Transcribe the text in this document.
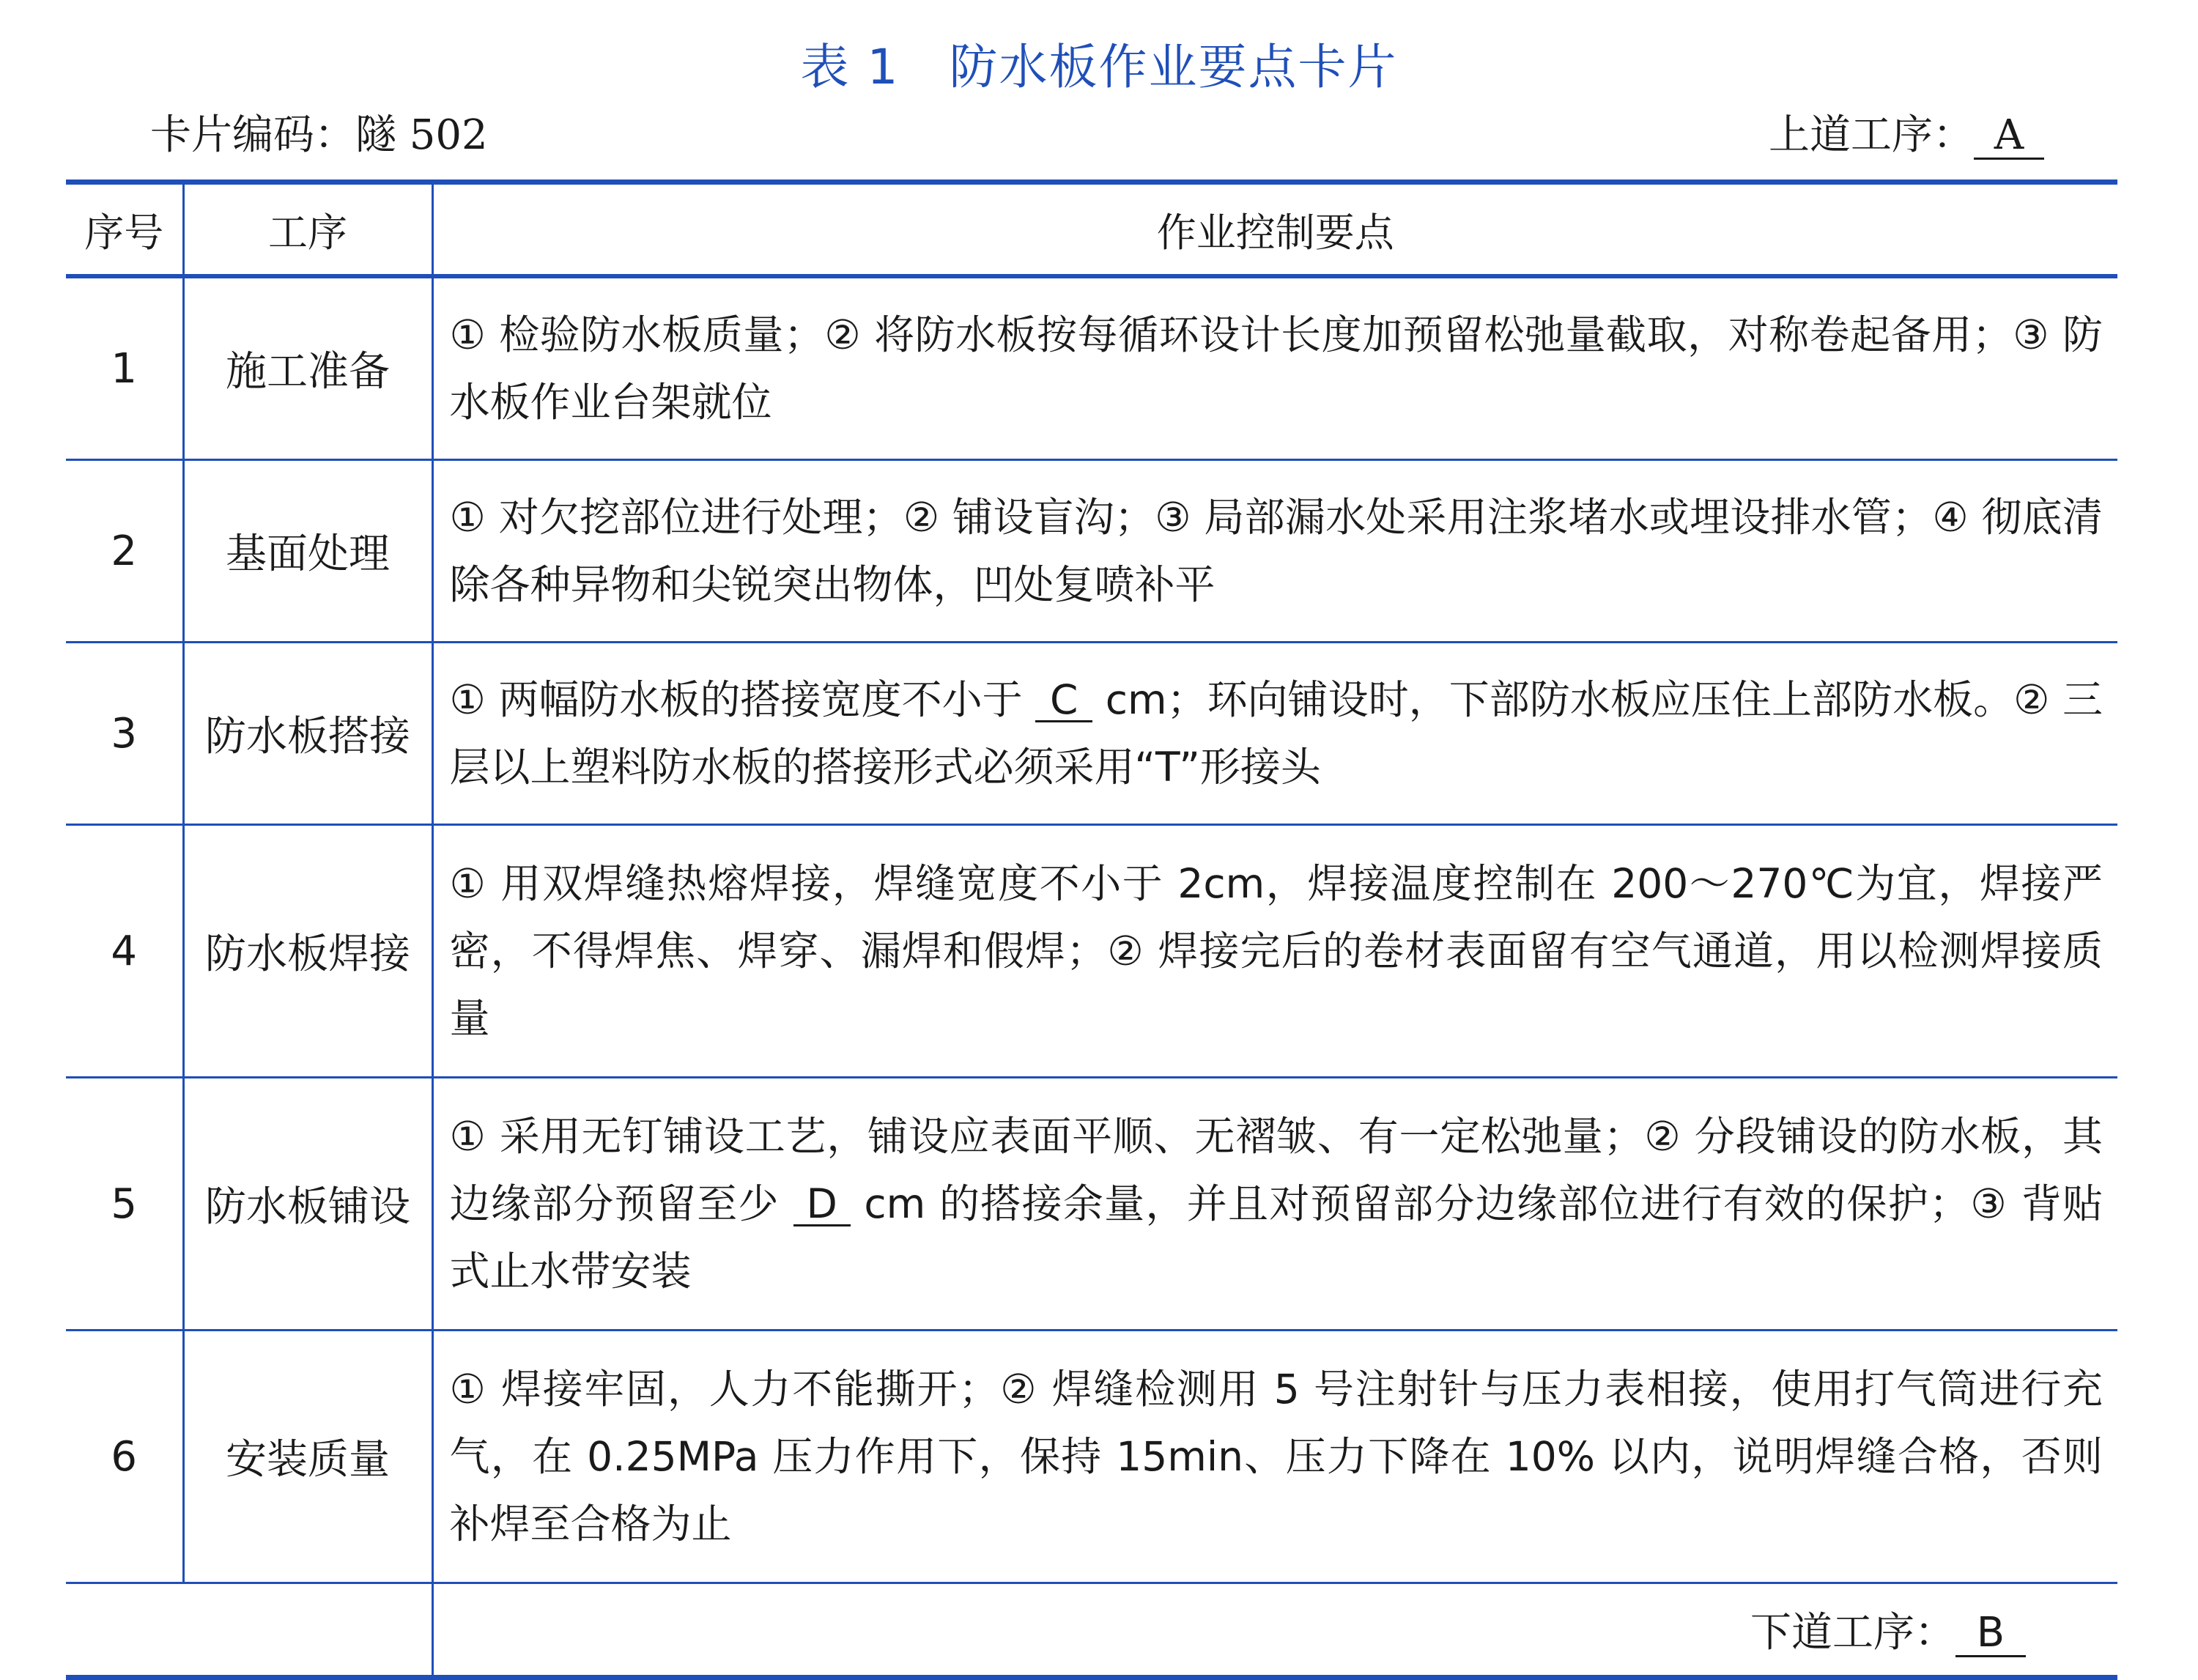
表 1　防水板作业要点卡片
卡片编码：隧 502	上道工序： A
序号	工序	作业控制要点
1	施工准备	① 检验防水板质量；② 将防水板按每循环设计长度加预留松弛量截取，对称卷起备用；③ 防水板作业台架就位
2	基面处理	① 对欠挖部位进行处理；② 铺设盲沟；③ 局部漏水处采用注浆堵水或埋设排水管；④ 彻底清除各种异物和尖锐突出物体，凹处复喷补平
3	防水板搭接	① 两幅防水板的搭接宽度不小于 C cm；环向铺设时，下部防水板应压住上部防水板。② 三层以上塑料防水板的搭接形式必须采用“T”形接头
4	防水板焊接	① 用双焊缝热熔焊接，焊缝宽度不小于 2cm，焊接温度控制在 200～270℃为宜，焊接严密，不得焊焦、焊穿、漏焊和假焊；② 焊接完后的卷材表面留有空气通道，用以检测焊接质量
5	防水板铺设	① 采用无钉铺设工艺，铺设应表面平顺、无褶皱、有一定松弛量；② 分段铺设的防水板，其边缘部分预留至少 D cm 的搭接余量，并且对预留部分边缘部位进行有效的保护；③ 背贴式止水带安装
6	安装质量	① 焊接牢固，人力不能撕开；② 焊缝检测用 5 号注射针与压力表相接，使用打气筒进行充气，在 0.25MPa 压力作用下，保持 15min、压力下降在 10% 以内，说明焊缝合格，否则补焊至合格为止
		下道工序： B
